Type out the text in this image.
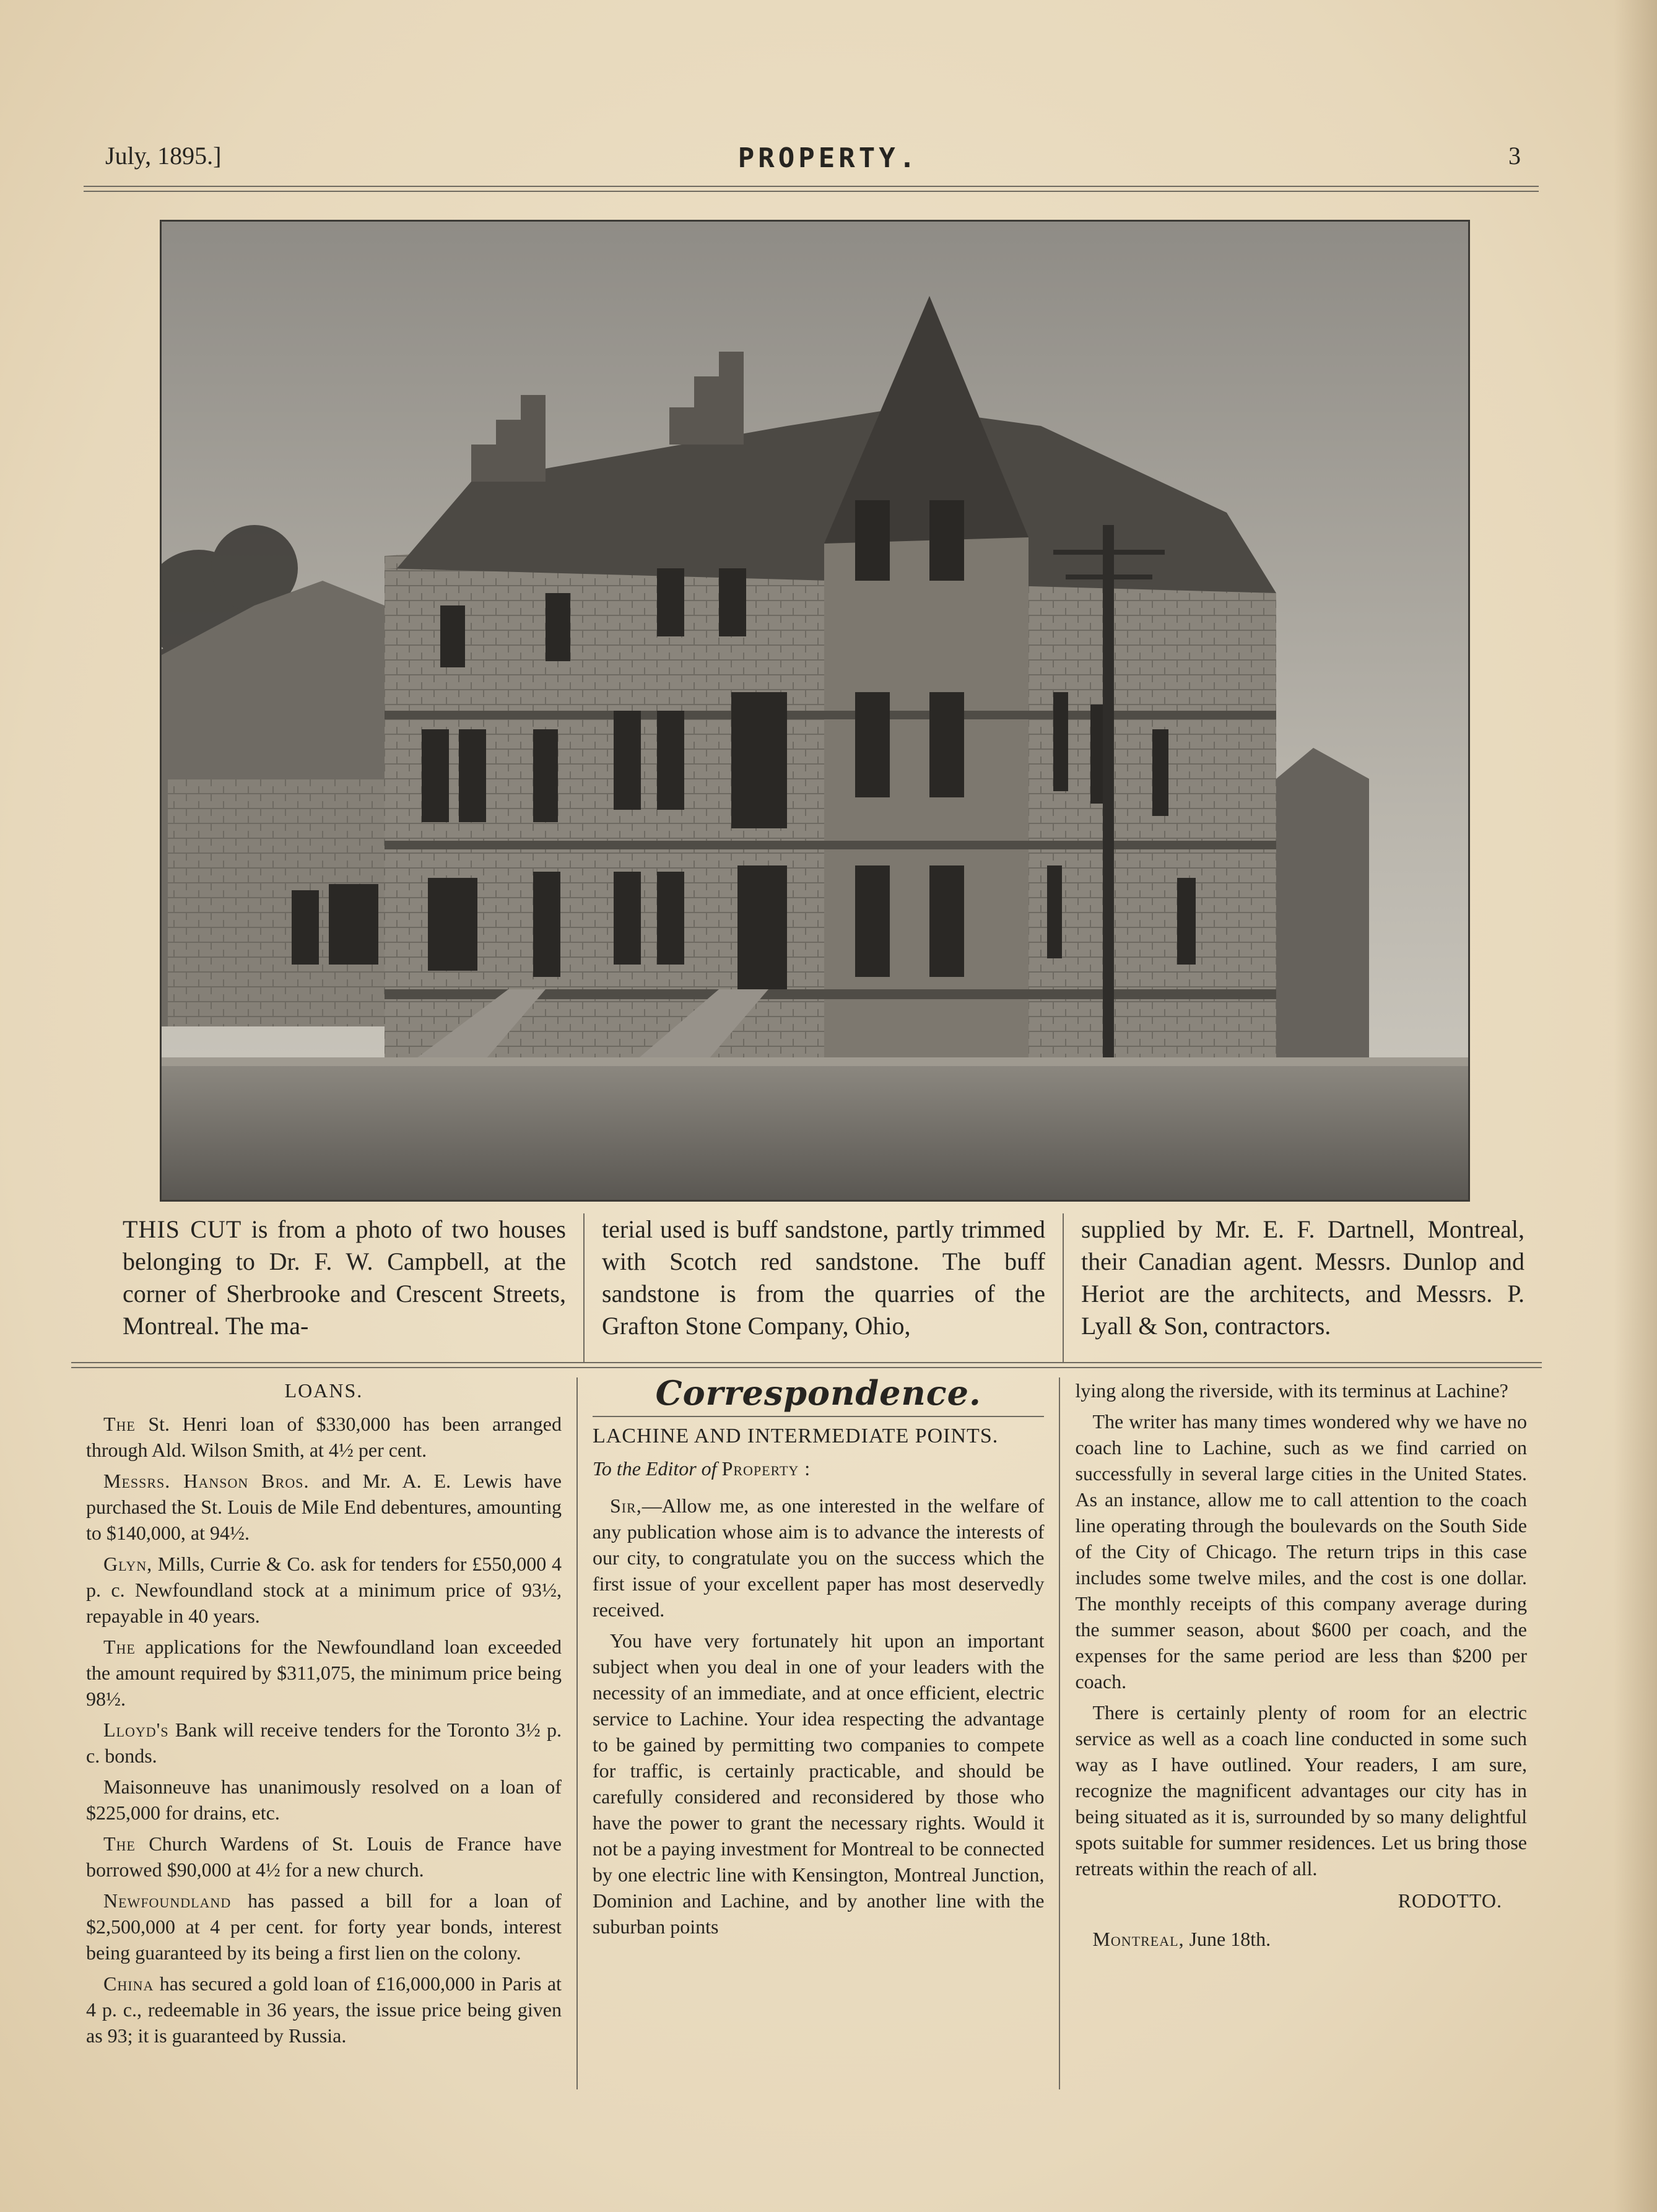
July, 1895.]	PROPERTY.	3
THIS CUT is from a photo of two houses belonging to Dr. F. W. Campbell, at the corner of Sherbrooke and Crescent Streets, Montreal. The ma-
terial used is buff sandstone, partly trimmed with Scotch red sandstone. The buff sandstone is from the quarries of the Grafton Stone Company, Ohio,
supplied by Mr. E. F. Dartnell, Montreal, their Canadian agent. Messrs. Dunlop and Heriot are the architects, and Messrs. P. Lyall & Son, contractors.
LOANS.

The St. Henri loan of $330,000 has been arranged through Ald. Wilson Smith, at 4½ per cent.

Messrs. Hanson Bros. and Mr. A. E. Lewis have purchased the St. Louis de Mile End debentures, amounting to $140,000, at 94½.

Glyn, Mills, Currie & Co. ask for tenders for £550,000 4 p. c. Newfoundland stock at a minimum price of 93½, repayable in 40 years.

The applications for the Newfoundland loan exceeded the amount required by $311,075, the minimum price being 98½.

Lloyd's Bank will receive tenders for the Toronto 3½ p. c. bonds.

Maisonneuve has unanimously resolved on a loan of $225,000 for drains, etc.

The Church Wardens of St. Louis de France have borrowed $90,000 at 4½ for a new church.

Newfoundland has passed a bill for a loan of $2,500,000 at 4 per cent. for forty year bonds, interest being guaranteed by its being a first lien on the colony.

China has secured a gold loan of £16,000,000 in Paris at 4 p. c., redeemable in 36 years, the issue price being given as 93; it is guaranteed by Russia.

Correspondence.
LACHINE AND INTERMEDIATE POINTS.
To the Editor of Property :

Sir,—Allow me, as one interested in the welfare of any publication whose aim is to advance the interests of our city, to congratulate you on the success which the first issue of your excellent paper has most deservedly received.

You have very fortunately hit upon an important subject when you deal in one of your leaders with the necessity of an immediate, and at once efficient, electric service to Lachine. Your idea respecting the advantage to be gained by permitting two companies to compete for traffic, is certainly practicable, and should be carefully considered and reconsidered by those who have the power to grant the necessary rights. Would it not be a paying investment for Montreal to be connected by one electric line with Kensington, Montreal Junction, Dominion and Lachine, and by another line with the suburban points

lying along the riverside, with its terminus at Lachine?

The writer has many times wondered why we have no coach line to Lachine, such as we find carried on successfully in several large cities in the United States. As an instance, allow me to call attention to the coach line operating through the boulevards on the South Side of the City of Chicago. The return trips in this case includes some twelve miles, and the cost is one dollar. The monthly receipts of this company average during the summer season, about $600 per coach, and the expenses for the same period are less than $200 per coach.

There is certainly plenty of room for an electric service as well as a coach line conducted in some such way as I have outlined. Your readers, I am sure, recognize the magnificent advantages our city has in being situated as it is, surrounded by so many delightful spots suitable for summer residences. Let us bring those retreats within the reach of all.

RODOTTO.
Montreal, June 18th.
